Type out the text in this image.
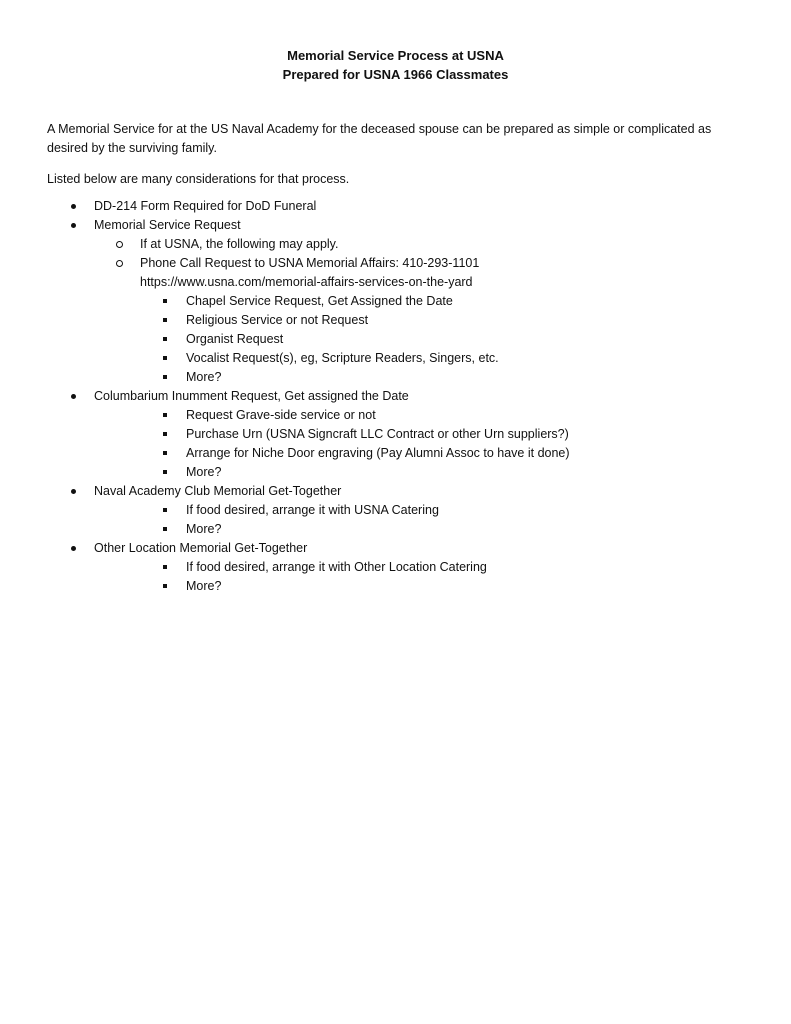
Memorial Service Process at USNA
Prepared for USNA 1966 Classmates
A Memorial Service for at the US Naval Academy for the deceased spouse can be prepared as simple or complicated as desired by the surviving family.
Listed below are many considerations for that process.
DD-214 Form Required for DoD Funeral
Memorial Service Request
If at USNA, the following may apply.
Phone Call Request to USNA Memorial Affairs: 410-293-1101
https://www.usna.com/memorial-affairs-services-on-the-yard
Chapel Service Request, Get Assigned the Date
Religious Service or not Request
Organist Request
Vocalist Request(s), eg, Scripture Readers, Singers, etc.
More?
Columbarium Inumment Request, Get assigned the Date
Request Grave-side service or not
Purchase Urn (USNA Signcraft LLC Contract or other Urn suppliers?)
Arrange for Niche Door engraving (Pay Alumni Assoc to have it done)
More?
Naval Academy Club Memorial Get-Together
If food desired, arrange it with USNA Catering
More?
Other Location Memorial Get-Together
If food desired, arrange it with Other Location Catering
More?
